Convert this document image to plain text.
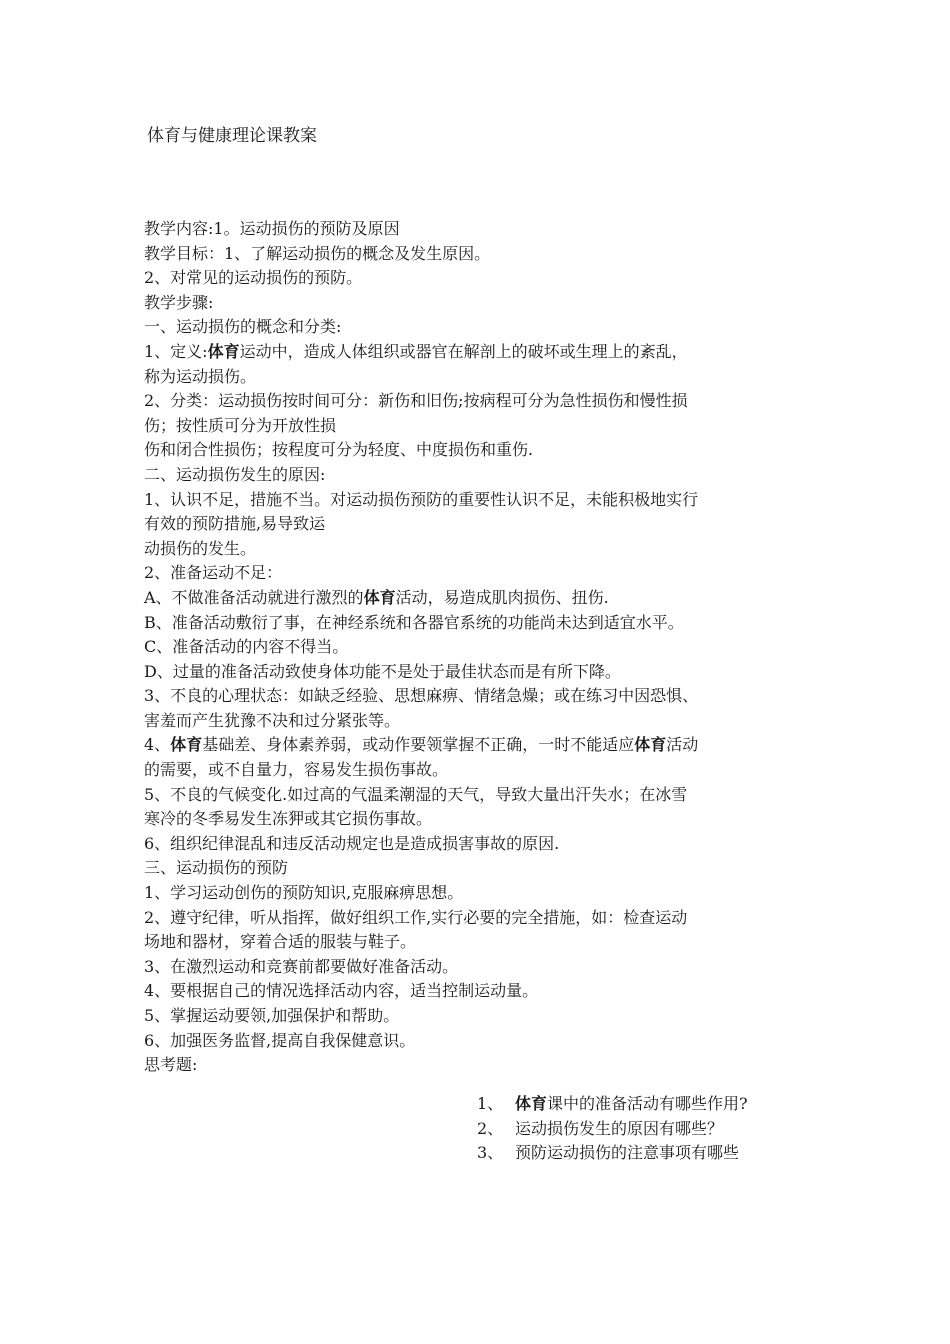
体育与健康理论课教案
教学内容:1。运动损伤的预防及原因
教学目标：1、了解运动损伤的概念及发生原因。
2、对常见的运动损伤的预防。
教学步骤:
一、运动损伤的概念和分类:
1、定义:体育运动中，造成人体组织或器官在解剖上的破坏或生理上的紊乱，
称为运动损伤。
2、分类：运动损伤按时间可分：新伤和旧伤;按病程可分为急性损伤和慢性损
伤；按性质可分为开放性损
伤和闭合性损伤；按程度可分为轻度、中度损伤和重伤.
二、运动损伤发生的原因:
1、认识不足，措施不当。对运动损伤预防的重要性认识不足，未能积极地实行
有效的预防措施,易导致运
动损伤的发生。
2、准备运动不足：
A、不做准备活动就进行激烈的体育活动，易造成肌肉损伤、扭伤.
B、准备活动敷衍了事，在神经系统和各器官系统的功能尚未达到适宜水平。
C、准备活动的内容不得当。
D、过量的准备活动致使身体功能不是处于最佳状态而是有所下降。
3、不良的心理状态：如缺乏经验、思想麻痹、情绪急燥；或在练习中因恐惧、
害羞而产生犹豫不决和过分紧张等。
4、体育基础差、身体素养弱，或动作要领掌握不正确，一时不能适应体育活动
的需要，或不自量力，容易发生损伤事故。
5、不良的气候变化.如过高的气温柔潮湿的天气，导致大量出汗失水；在冰雪
寒冷的冬季易发生冻狎或其它损伤事故。
6、组织纪律混乱和违反活动规定也是造成损害事故的原因.
三、运动损伤的预防
1、学习运动创伤的预防知识,克服麻痹思想。
2、遵守纪律，听从指挥，做好组织工作,实行必要的完全措施，如：检查运动
场地和器材，穿着合适的服装与鞋子。
3、在激烈运动和竞赛前都要做好准备活动。
4、要根据自己的情况选择活动内容，适当控制运动量。
5、掌握运动要领,加强保护和帮助。
6、加强医务监督,提高自我保健意识。
思考题:
1、 体育课中的准备活动有哪些作用?
2、 运动损伤发生的原因有哪些？
3、 预防运动损伤的注意事项有哪些
